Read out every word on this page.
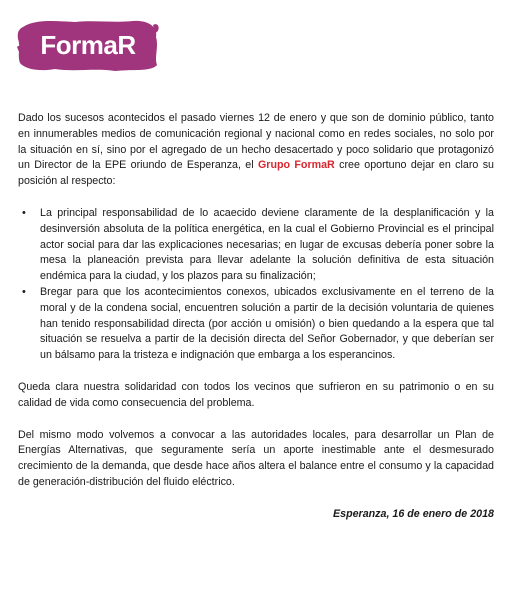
FormaR

Dado los sucesos acontecidos el pasado viernes 12 de enero y que son de dominio público, tanto en innumerables medios de comunicación regional y nacional como en redes sociales, no solo por la situación en sí, sino por el agregado de un hecho desacertado y poco solidario que protagonizó un Director de la EPE oriundo de Esperanza, el Grupo FormaR cree oportuno dejar en claro su posición al respecto:

• La principal responsabilidad de lo acaecido deviene claramente de la desplanificación y la desinversión absoluta de la política energética, en la cual el Gobierno Provincial es el principal actor social para dar las explicaciones necesarias; en lugar de excusas debería poner sobre la mesa la planeación prevista para llevar adelante la solución definitiva de esta situación endémica para la ciudad, y los plazos para su finalización;
• Bregar para que los acontecimientos conexos, ubicados exclusivamente en el terreno de la moral y de la condena social, encuentren solución a partir de la decisión voluntaria de quienes han tenido responsabilidad directa (por acción u omisión) o bien quedando a la espera que tal situación se resuelva a partir de la decisión directa del Señor Gobernador, y que deberían ser un bálsamo para la tristeza e indignación que embarga a los esperancinos.

Queda clara nuestra solidaridad con todos los vecinos que sufrieron en su patrimonio o en su calidad de vida como consecuencia del problema.

Del mismo modo volvemos a convocar a las autoridades locales, para desarrollar un Plan de Energías Alternativas, que seguramente sería un aporte inestimable ante el desmesurado crecimiento de la demanda, que desde hace años altera el balance entre el consumo y la capacidad de generación-distribución del fluido eléctrico.

Esperanza, 16 de enero de 2018
